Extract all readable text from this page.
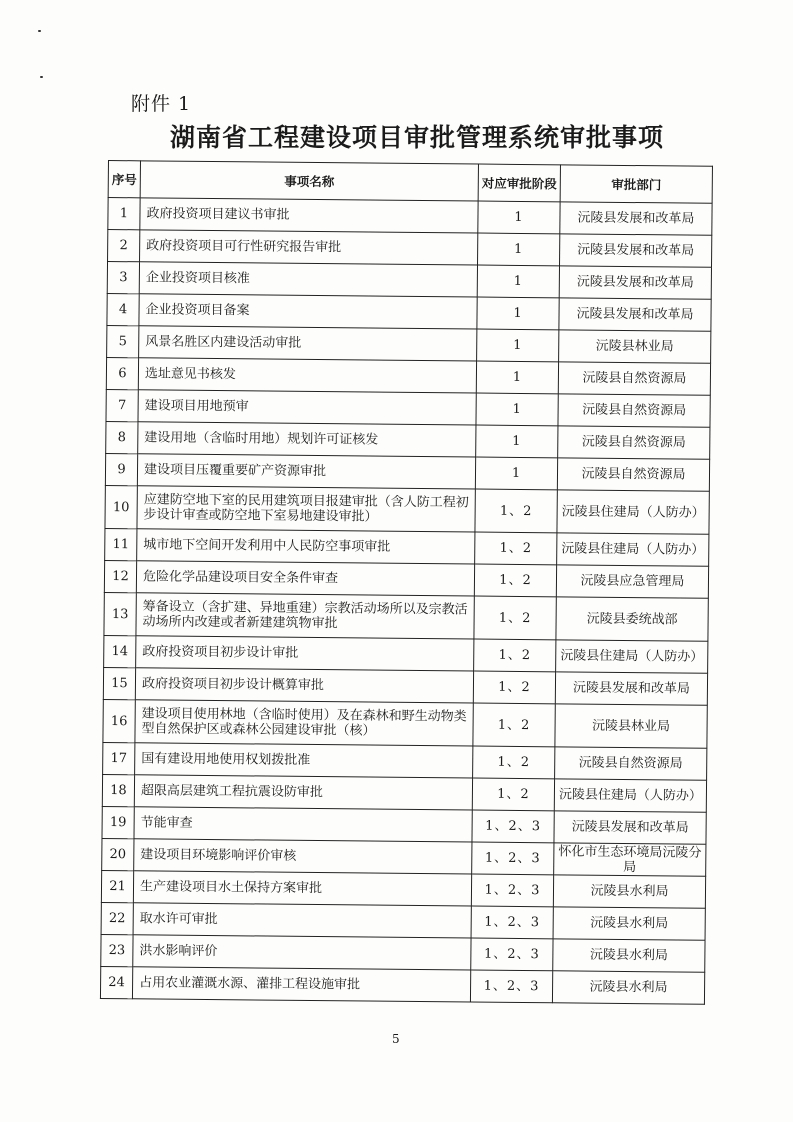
附件 1
湖南省工程建设项目审批管理系统审批事项
序号	事项名称	对应审批阶段	审批部门
1	政府投资项目建议书审批	1	沅陵县发展和改革局
2	政府投资项目可行性研究报告审批	1	沅陵县发展和改革局
3	企业投资项目核准	1	沅陵县发展和改革局
4	企业投资项目备案	1	沅陵县发展和改革局
5	风景名胜区内建设活动审批	1	沅陵县林业局
6	选址意见书核发	1	沅陵县自然资源局
7	建设项目用地预审	1	沅陵县自然资源局
8	建设用地（含临时用地）规划许可证核发	1	沅陵县自然资源局
9	建设项目压覆重要矿产资源审批	1	沅陵县自然资源局
10	应建防空地下室的民用建筑项目报建审批（含人防工程初步设计审查或防空地下室易地建设审批）	1、2	沅陵县住建局（人防办）
11	城市地下空间开发利用中人民防空事项审批	1、2	沅陵县住建局（人防办）
12	危险化学品建设项目安全条件审查	1、2	沅陵县应急管理局
13	筹备设立（含扩建、异地重建）宗教活动场所以及宗教活动场所内改建或者新建建筑物审批	1、2	沅陵县委统战部
14	政府投资项目初步设计审批	1、2	沅陵县住建局（人防办）
15	政府投资项目初步设计概算审批	1、2	沅陵县发展和改革局
16	建设项目使用林地（含临时使用）及在森林和野生动物类型自然保护区或森林公园建设审批（核）	1、2	沅陵县林业局
17	国有建设用地使用权划拨批准	1、2	沅陵县自然资源局
18	超限高层建筑工程抗震设防审批	1、2	沅陵县住建局（人防办）
19	节能审查	1、2、3	沅陵县发展和改革局
20	建设项目环境影响评价审核	1、2、3	怀化市生态环境局沅陵分局
21	生产建设项目水土保持方案审批	1、2、3	沅陵县水利局
22	取水许可审批	1、2、3	沅陵县水利局
23	洪水影响评价	1、2、3	沅陵县水利局
24	占用农业灌溉水源、灌排工程设施审批	1、2、3	沅陵县水利局
5
